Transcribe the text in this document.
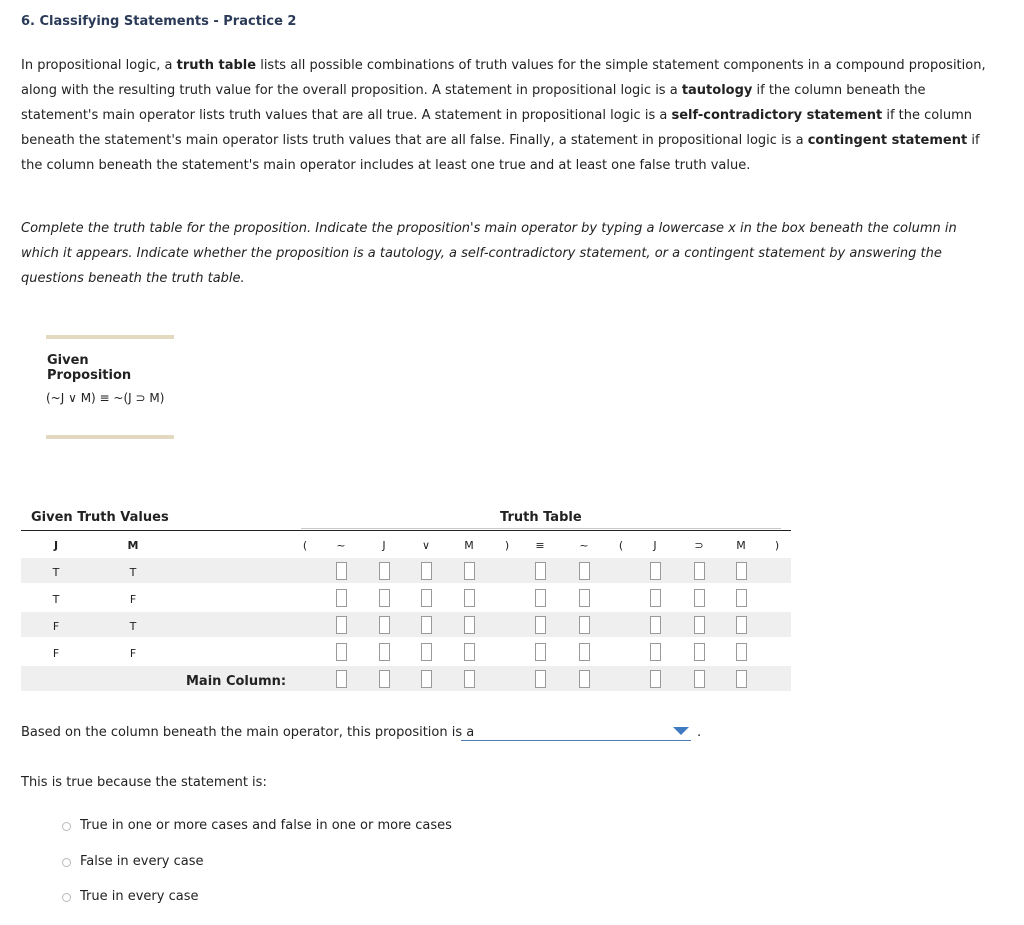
6. Classifying Statements - Practice 2
In propositional logic, a truth table lists all possible combinations of truth values for the simple statement components in a compound proposition, along with the resulting truth value for the overall proposition. A statement in propositional logic is a tautology if the column beneath the statement's main operator lists truth values that are all true. A statement in propositional logic is a self-contradictory statement if the column beneath the statement's main operator lists truth values that are all false. Finally, a statement in propositional logic is a contingent statement if the column beneath the statement's main operator includes at least one true and at least one false truth value.
Complete the truth table for the proposition. Indicate the proposition's main operator by typing a lowercase x in the box beneath the column in which it appears. Indicate whether the proposition is a tautology, a self-contradictory statement, or a contingent statement by answering the questions beneath the truth table.
Given Proposition
(~J ∨ M) ≡ ~(J ⊃ M)
Given Truth Values	Truth Table
J	M	(	~	J	∨	M	) ≡	~	(	J	⊃	M	)
T	T
T	F
F	T
F	F
Main Column:
Based on the column beneath the main operator, this proposition is a	.
This is true because the statement is:
True in one or more cases and false in one or more cases
False in every case
True in every case
